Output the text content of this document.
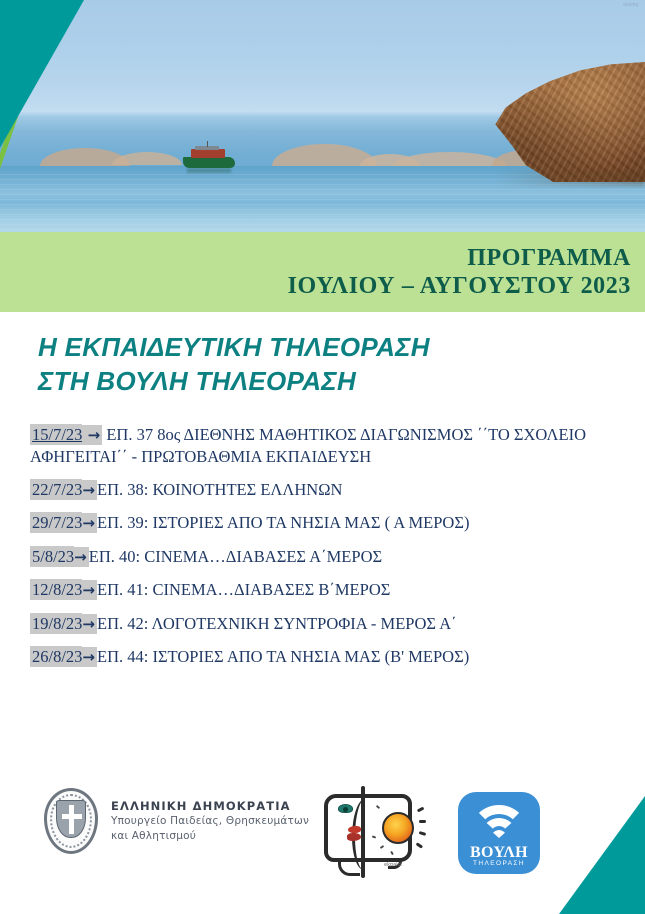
alamy
ΠΡΟΓΡΑΜΜΑ
ΙΟΥΛΙΟΥ – ΑΥΓΟΥΣΤΟΥ 2023
Η ΕΚΠΑΙΔΕΥΤΙΚΗ ΤΗΛΕΟΡΑΣΗ
ΣΤΗ ΒΟΥΛΗ ΤΗΛΕΟΡΑΣΗ
15/7/23 → ΕΠ. 37 8ος ΔΙΕΘΝΗΣ ΜΑΘΗΤΙΚΟΣ ΔΙΑΓΩΝΙΣΜΟΣ ΄΄ΤΟ ΣΧΟΛΕΙΟ ΑΦΗΓΕΙΤΑΙ΄΄ - ΠΡΩΤΟΒΑΘΜΙΑ ΕΚΠΑΙΔΕΥΣΗ
22/7/23→ ΕΠ. 38: ΚΟΙΝΟΤΗΤΕΣ ΕΛΛΗΝΩΝ
29/7/23→ ΕΠ. 39: ΙΣΤΟΡΙΕΣ ΑΠΟ ΤΑ ΝΗΣΙΑ ΜΑΣ ( Α ΜΕΡΟΣ)
5/8/23→ ΕΠ. 40: CINEMA…ΔΙΑΒΑΣΕΣ Α΄ΜΕΡΟΣ
12/8/23→ ΕΠ. 41: CINEMA…ΔΙΑΒΑΣΕΣ Β΄ΜΕΡΟΣ
19/8/23→ ΕΠ. 42: ΛΟΓΟΤΕΧΝΙΚΗ ΣΥΝΤΡΟΦΙΑ - ΜΕΡΟΣ Α΄
26/8/23→ ΕΠ. 44: ΙΣΤΟΡΙΕΣ ΑΠΟ ΤΑ ΝΗΣΙΑ ΜΑΣ (Β' ΜΕΡΟΣ)
ΕΛΛΗΝΙΚΗ ΔΗΜΟΚΡΑΤΙΑ
Υπουργείο Παιδείας, Θρησκευμάτων
και Αθλητισμού
ekpaid.
ΒΟΥΛΗ
ΤΗΛΕΟΡΑΣΗ
